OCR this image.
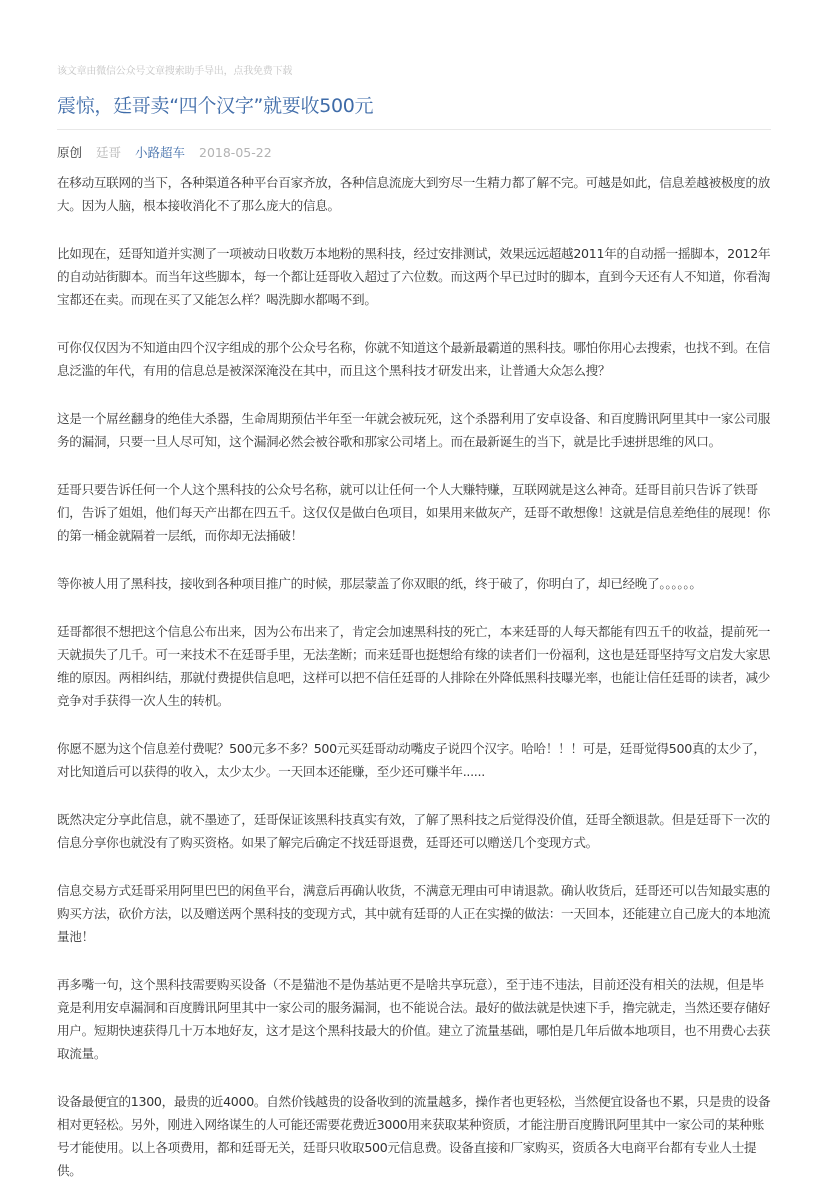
该文章由微信公众号文章搜索助手导出，点我免费下载
震惊，廷哥卖“四个汉字”就要收500元
原创 廷哥 小路超车 2018-05-22

在移动互联网的当下，各种渠道各种平台百家齐放，各种信息流庞大到穷尽一生精力都了解不完。可越是如此，信息差越被极度的放大。因为人脑，根本接收消化不了那么庞大的信息。

比如现在，廷哥知道并实测了一项被动日收数万本地粉的黑科技，经过安排测试，效果远远超越2011年的自动摇一摇脚本，2012年的自动站街脚本。而当年这些脚本，每一个都让廷哥收入超过了六位数。而这两个早已过时的脚本，直到今天还有人不知道，你看淘宝都还在卖。而现在买了又能怎么样？喝洗脚水都喝不到。

可你仅仅因为不知道由四个汉字组成的那个公众号名称，你就不知道这个最新最霸道的黑科技。哪怕你用心去搜索，也找不到。在信息泛滥的年代，有用的信息总是被深深淹没在其中，而且这个黑科技才研发出来，让普通大众怎么搜？

这是一个屌丝翻身的绝佳大杀器，生命周期预估半年至一年就会被玩死，这个杀器利用了安卓设备、和百度腾讯阿里其中一家公司服务的漏洞，只要一旦人尽可知，这个漏洞必然会被谷歌和那家公司堵上。而在最新诞生的当下，就是比手速拼思维的风口。

廷哥只要告诉任何一个人这个黑科技的公众号名称，就可以让任何一个人大赚特赚，互联网就是这么神奇。廷哥目前只告诉了铁哥们，告诉了姐姐，他们每天产出都在四五千。这仅仅是做白色项目，如果用来做灰产，廷哥不敢想像！这就是信息差绝佳的展现！你的第一桶金就隔着一层纸，而你却无法捅破！

等你被人用了黑科技，接收到各种项目推广的时候，那层蒙盖了你双眼的纸，终于破了，你明白了，却已经晚了。。。。。。

廷哥都很不想把这个信息公布出来，因为公布出来了，肯定会加速黑科技的死亡，本来廷哥的人每天都能有四五千的收益，提前死一天就损失了几千。可一来技术不在廷哥手里，无法垄断；而来廷哥也挺想给有缘的读者们一份福利，这也是廷哥坚持写文启发大家思维的原因。两相纠结，那就付费提供信息吧，这样可以把不信任廷哥的人排除在外降低黑科技曝光率，也能让信任廷哥的读者，减少竞争对手获得一次人生的转机。

你愿不愿为这个信息差付费呢？500元多不多？500元买廷哥动动嘴皮子说四个汉字。哈哈！！！可是，廷哥觉得500真的太少了，对比知道后可以获得的收入，太少太少。一天回本还能赚，至少还可赚半年......

既然决定分享此信息，就不墨迹了，廷哥保证该黑科技真实有效，了解了黑科技之后觉得没价值，廷哥全额退款。但是廷哥下一次的信息分享你也就没有了购买资格。如果了解完后确定不找廷哥退费，廷哥还可以赠送几个变现方式。

信息交易方式廷哥采用阿里巴巴的闲鱼平台，满意后再确认收货，不满意无理由可申请退款。确认收货后，廷哥还可以告知最实惠的购买方法，砍价方法，以及赠送两个黑科技的变现方式，其中就有廷哥的人正在实操的做法：一天回本，还能建立自己庞大的本地流量池！

再多嘴一句，这个黑科技需要购买设备（不是猫池不是伪基站更不是啥共享玩意），至于违不违法，目前还没有相关的法规，但是毕竟是利用安卓漏洞和百度腾讯阿里其中一家公司的服务漏洞，也不能说合法。最好的做法就是快速下手，撸完就走，当然还要存储好用户。短期快速获得几十万本地好友，这才是这个黑科技最大的价值。建立了流量基础，哪怕是几年后做本地项目，也不用费心去获取流量。

设备最便宜的1300，最贵的近4000。自然价钱越贵的设备收到的流量越多，操作者也更轻松，当然便宜设备也不累，只是贵的设备相对更轻松。另外，刚进入网络谋生的人可能还需要花费近3000用来获取某种资质，才能注册百度腾讯阿里其中一家公司的某种账号才能使用。以上各项费用，都和廷哥无关，廷哥只收取500元信息费。设备直接和厂家购买，资质各大电商平台都有专业人士提供。
